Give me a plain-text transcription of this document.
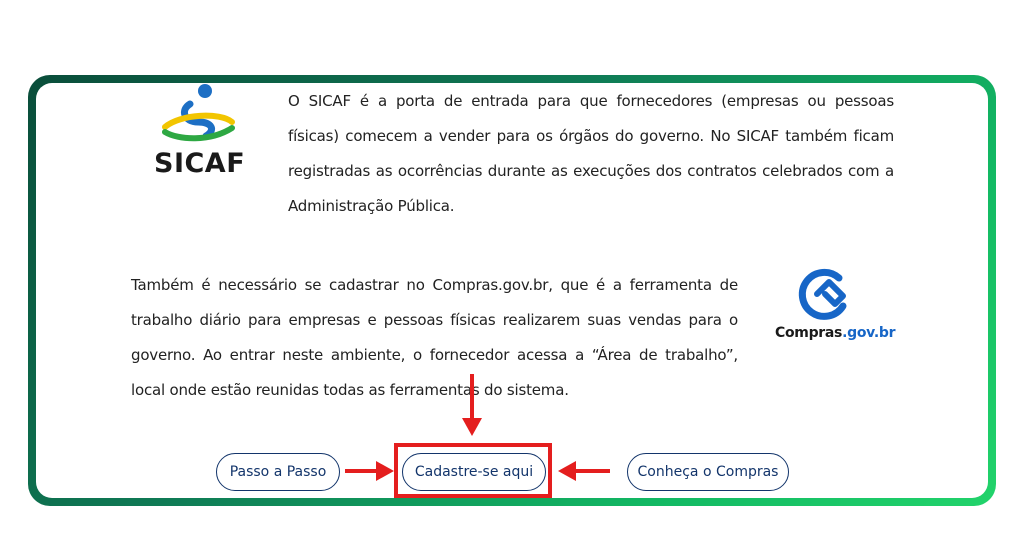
SICAF
O SICAF é a porta de entrada para que fornecedores (empresas ou pessoas físicas) comecem a vender para os órgãos do governo. No SICAF também ficam registradas as ocorrências durante as execuções dos contratos celebrados com a Administração Pública.
Também é necessário se cadastrar no Compras.gov.br, que é a ferramenta de trabalho diário para empresas e pessoas físicas realizarem suas vendas para o governo. Ao entrar neste ambiente, o fornecedor acessa a “Área de trabalho”, local onde estão reunidas todas as ferramentas do sistema.
Compras.gov.br
Passo a Passo	Cadastre-se aqui	Conheça o Compras
